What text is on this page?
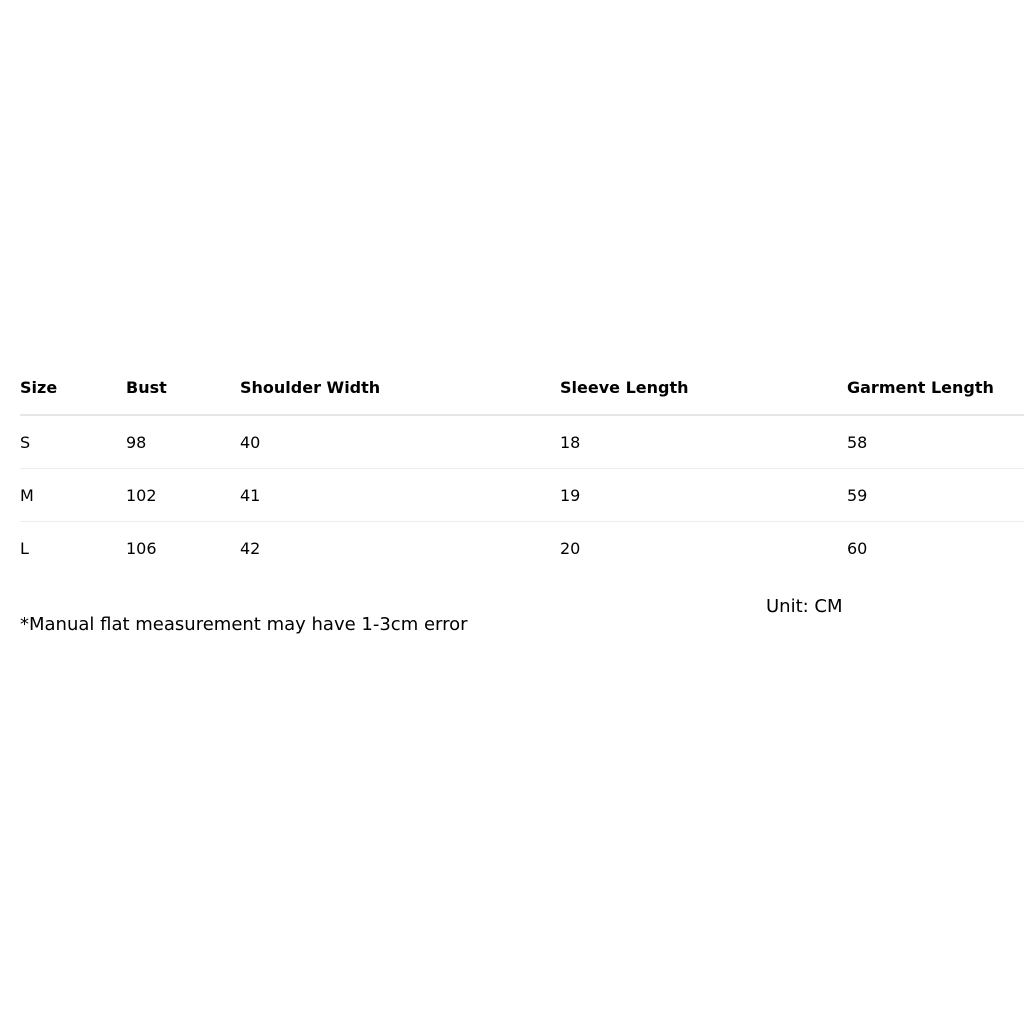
Size	Bust	Shoulder Width	Sleeve Length	Garment Length
S	98	40	18	58
M	102	41	19	59
L	106	42	20	60
Unit: CM
*Manual flat measurement may have 1-3cm error
